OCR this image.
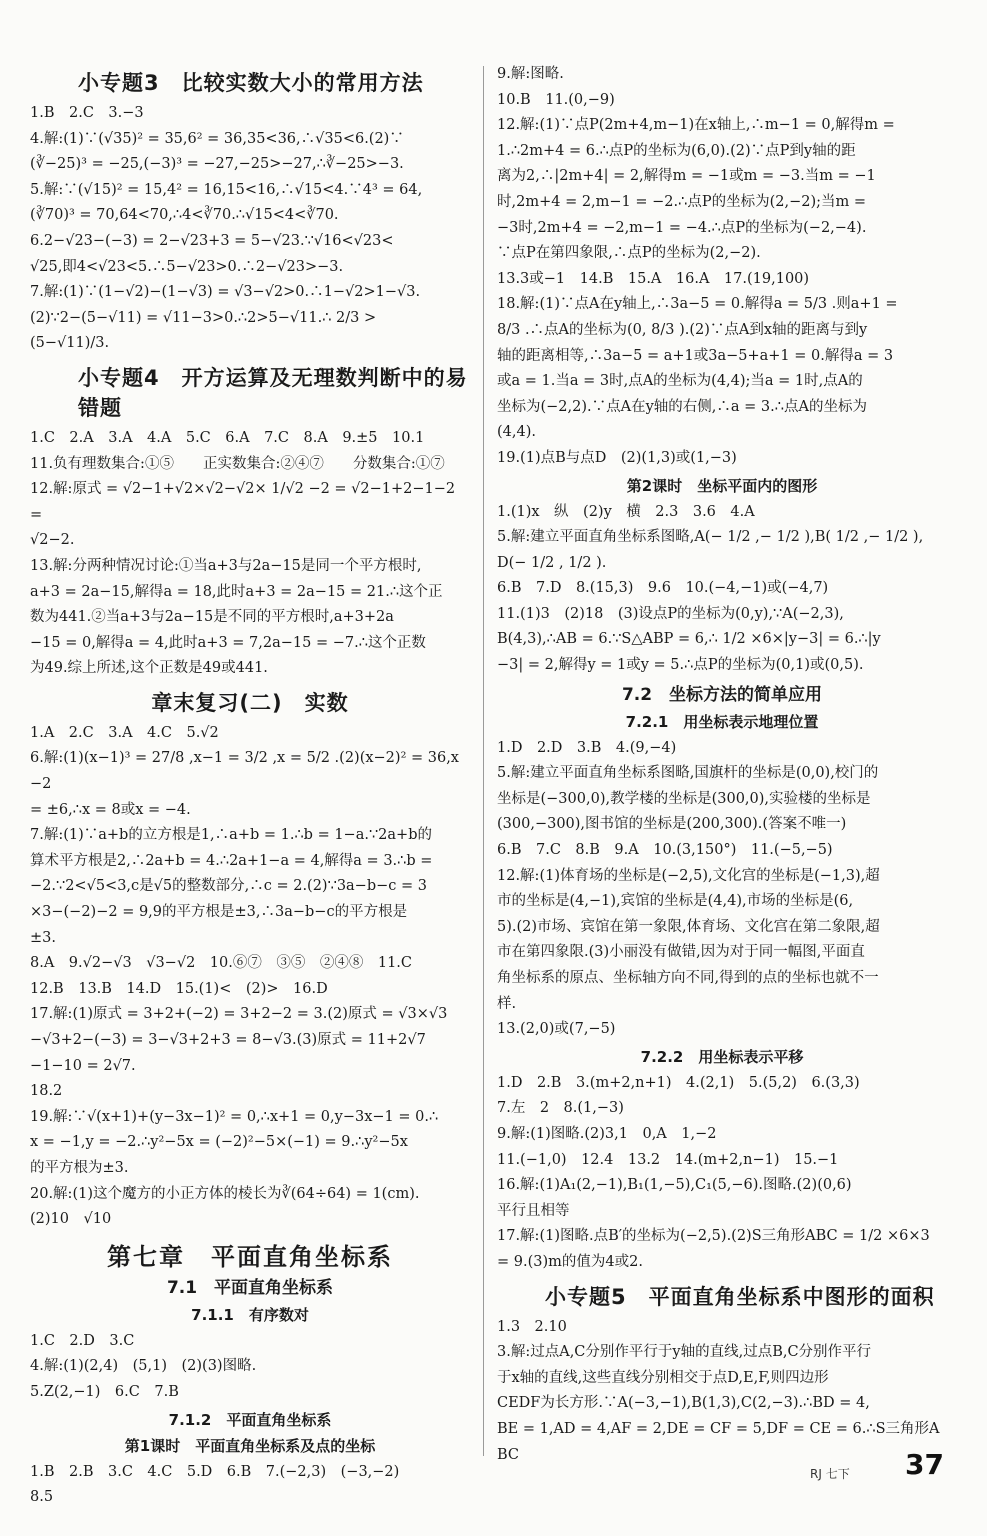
小专题3　比较实数大小的常用方法
1.B　2.C　3.−3
4.解:(1)∵(√35)² = 35,6² = 36,35<36,∴√35<6.(2)∵
(∛−25)³ = −25,(−3)³ = −27,−25>−27,∴∛−25>−3.
5.解:∵(√15)² = 15,4² = 16,15<16,∴√15<4.∵4³ = 64,
(∛70)³ = 70,64<70,∴4<∛70.∴√15<4<∛70.
6.2−√23−(−3) = 2−√23+3 = 5−√23.∵√16<√23<
√25,即4<√23<5.∴5−√23>0.∴2−√23>−3.
7.解:(1)∵(1−√2)−(1−√3) = √3−√2>0.∴1−√2>1−√3.
(2)∵2−(5−√11) = √11−3>0.∴2>5−√11.∴ 2/3 >
(5−√11)/3.
小专题4　开方运算及无理数判断中的易错题
1.C　2.A　3.A　4.A　5.C　6.A　7.C　8.A　9.±5　10.1
11.负有理数集合:①⑤　　正实数集合:②④⑦　　分数集合:①⑦
12.解:原式 = √2−1+√2×√2−√2× 1/√2 −2 = √2−1+2−1−2 =
√2−2.
13.解:分两种情况讨论:①当a+3与2a−15是同一个平方根时,
a+3 = 2a−15,解得a = 18,此时a+3 = 2a−15 = 21.∴这个正
数为441.②当a+3与2a−15是不同的平方根时,a+3+2a
−15 = 0,解得a = 4,此时a+3 = 7,2a−15 = −7.∴这个正数
为49.综上所述,这个正数是49或441.
章末复习(二)　实数
1.A　2.C　3.A　4.C　5.√2
6.解:(1)(x−1)³ = 27/8 ,x−1 = 3/2 ,x = 5/2 .(2)(x−2)² = 36,x−2
= ±6,∴x = 8或x = −4.
7.解:(1)∵a+b的立方根是1,∴a+b = 1.∴b = 1−a.∵2a+b的
算术平方根是2,∴2a+b = 4.∴2a+1−a = 4,解得a = 3.∴b =
−2.∵2<√5<3,c是√5的整数部分,∴c = 2.(2)∵3a−b−c = 3
×3−(−2)−2 = 9,9的平方根是±3,∴3a−b−c的平方根是
±3.
8.A　9.√2−√3　√3−√2　10.⑥⑦　③⑤　②④⑧　11.C
12.B　13.B　14.D　15.(1)<　(2)>　16.D
17.解:(1)原式 = 3+2+(−2) = 3+2−2 = 3.(2)原式 = √3×√3
−√3+2−(−3) = 3−√3+2+3 = 8−√3.(3)原式 = 11+2√7
−1−10 = 2√7.
18.2
19.解:∵√(x+1)+(y−3x−1)² = 0,∴x+1 = 0,y−3x−1 = 0.∴
x = −1,y = −2.∴y²−5x = (−2)²−5×(−1) = 9.∴y²−5x
的平方根为±3.
20.解:(1)这个魔方的小正方体的棱长为∛(64÷64) = 1(cm).
(2)10　√10
第七章　平面直角坐标系
7.1　平面直角坐标系
7.1.1　有序数对
1.C　2.D　3.C
4.解:(1)(2,4)　(5,1)　(2)(3)图略.
5.Z(2,−1)　6.C　7.B
7.1.2　平面直角坐标系
第1课时　平面直角坐标系及点的坐标
1.B　2.B　3.C　4.C　5.D　6.B　7.(−2,3)　(−3,−2)
8.5
9.解:图略.
10.B　11.(0,−9)
12.解:(1)∵点P(2m+4,m−1)在x轴上,∴m−1 = 0,解得m =
1.∴2m+4 = 6.∴点P的坐标为(6,0).(2)∵点P到y轴的距
离为2,∴|2m+4| = 2,解得m = −1或m = −3.当m = −1
时,2m+4 = 2,m−1 = −2.∴点P的坐标为(2,−2);当m =
−3时,2m+4 = −2,m−1 = −4.∴点P的坐标为(−2,−4).
∵点P在第四象限,∴点P的坐标为(2,−2).
13.3或−1　14.B　15.A　16.A　17.(19,100)
18.解:(1)∵点A在y轴上,∴3a−5 = 0.解得a = 5/3 .则a+1 =
8/3 .∴点A的坐标为(0, 8/3 ).(2)∵点A到x轴的距离与到y
轴的距离相等,∴3a−5 = a+1或3a−5+a+1 = 0.解得a = 3
或a = 1.当a = 3时,点A的坐标为(4,4);当a = 1时,点A的
坐标为(−2,2).∵点A在y轴的右侧,∴a = 3.∴点A的坐标为
(4,4).
19.(1)点B与点D　(2)(1,3)或(1,−3)
第2课时　坐标平面内的图形
1.(1)x　纵　(2)y　横　2.3　3.6　4.A
5.解:建立平面直角坐标系图略,A(− 1/2 ,− 1/2 ),B( 1/2 ,− 1/2 ),
D(− 1/2 , 1/2 ).
6.B　7.D　8.(15,3)　9.6　10.(−4,−1)或(−4,7)
11.(1)3　(2)18　(3)设点P的坐标为(0,y),∵A(−2,3),
B(4,3),∴AB = 6.∵S△ABP = 6,∴ 1/2 ×6×|y−3| = 6.∴|y
−3| = 2,解得y = 1或y = 5.∴点P的坐标为(0,1)或(0,5).
7.2　坐标方法的简单应用
7.2.1　用坐标表示地理位置
1.D　2.D　3.B　4.(9,−4)
5.解:建立平面直角坐标系图略,国旗杆的坐标是(0,0),校门的
坐标是(−300,0),教学楼的坐标是(300,0),实验楼的坐标是
(300,−300),图书馆的坐标是(200,300).(答案不唯一)
6.B　7.C　8.B　9.A　10.(3,150°)　11.(−5,−5)
12.解:(1)体育场的坐标是(−2,5),文化宫的坐标是(−1,3),超
市的坐标是(4,−1),宾馆的坐标是(4,4),市场的坐标是(6,
5).(2)市场、宾馆在第一象限,体育场、文化宫在第二象限,超
市在第四象限.(3)小丽没有做错,因为对于同一幅图,平面直
角坐标系的原点、坐标轴方向不同,得到的点的坐标也就不一
样.
13.(2,0)或(7,−5)
7.2.2　用坐标表示平移
1.D　2.B　3.(m+2,n+1)　4.(2,1)　5.(5,2)　6.(3,3)
7.左　2　8.(1,−3)
9.解:(1)图略.(2)3,1　0,A　1,−2
11.(−1,0)　12.4　13.2　14.(m+2,n−1)　15.−1
16.解:(1)A₁(2,−1),B₁(1,−5),C₁(5,−6).图略.(2)(0,6)
平行且相等
17.解:(1)图略.点B′的坐标为(−2,5).(2)S三角形ABC = 1/2 ×6×3
= 9.(3)m的值为4或2.
小专题5　平面直角坐标系中图形的面积
1.3　2.10
3.解:过点A,C分别作平行于y轴的直线,过点B,C分别作平行
于x轴的直线,这些直线分别相交于点D,E,F,则四边形
CEDF为长方形.∵A(−3,−1),B(1,3),C(2,−3).∴BD = 4,
BE = 1,AD = 4,AF = 2,DE = CF = 5,DF = CE = 6.∴S三角形ABC
RJ 七下 37
